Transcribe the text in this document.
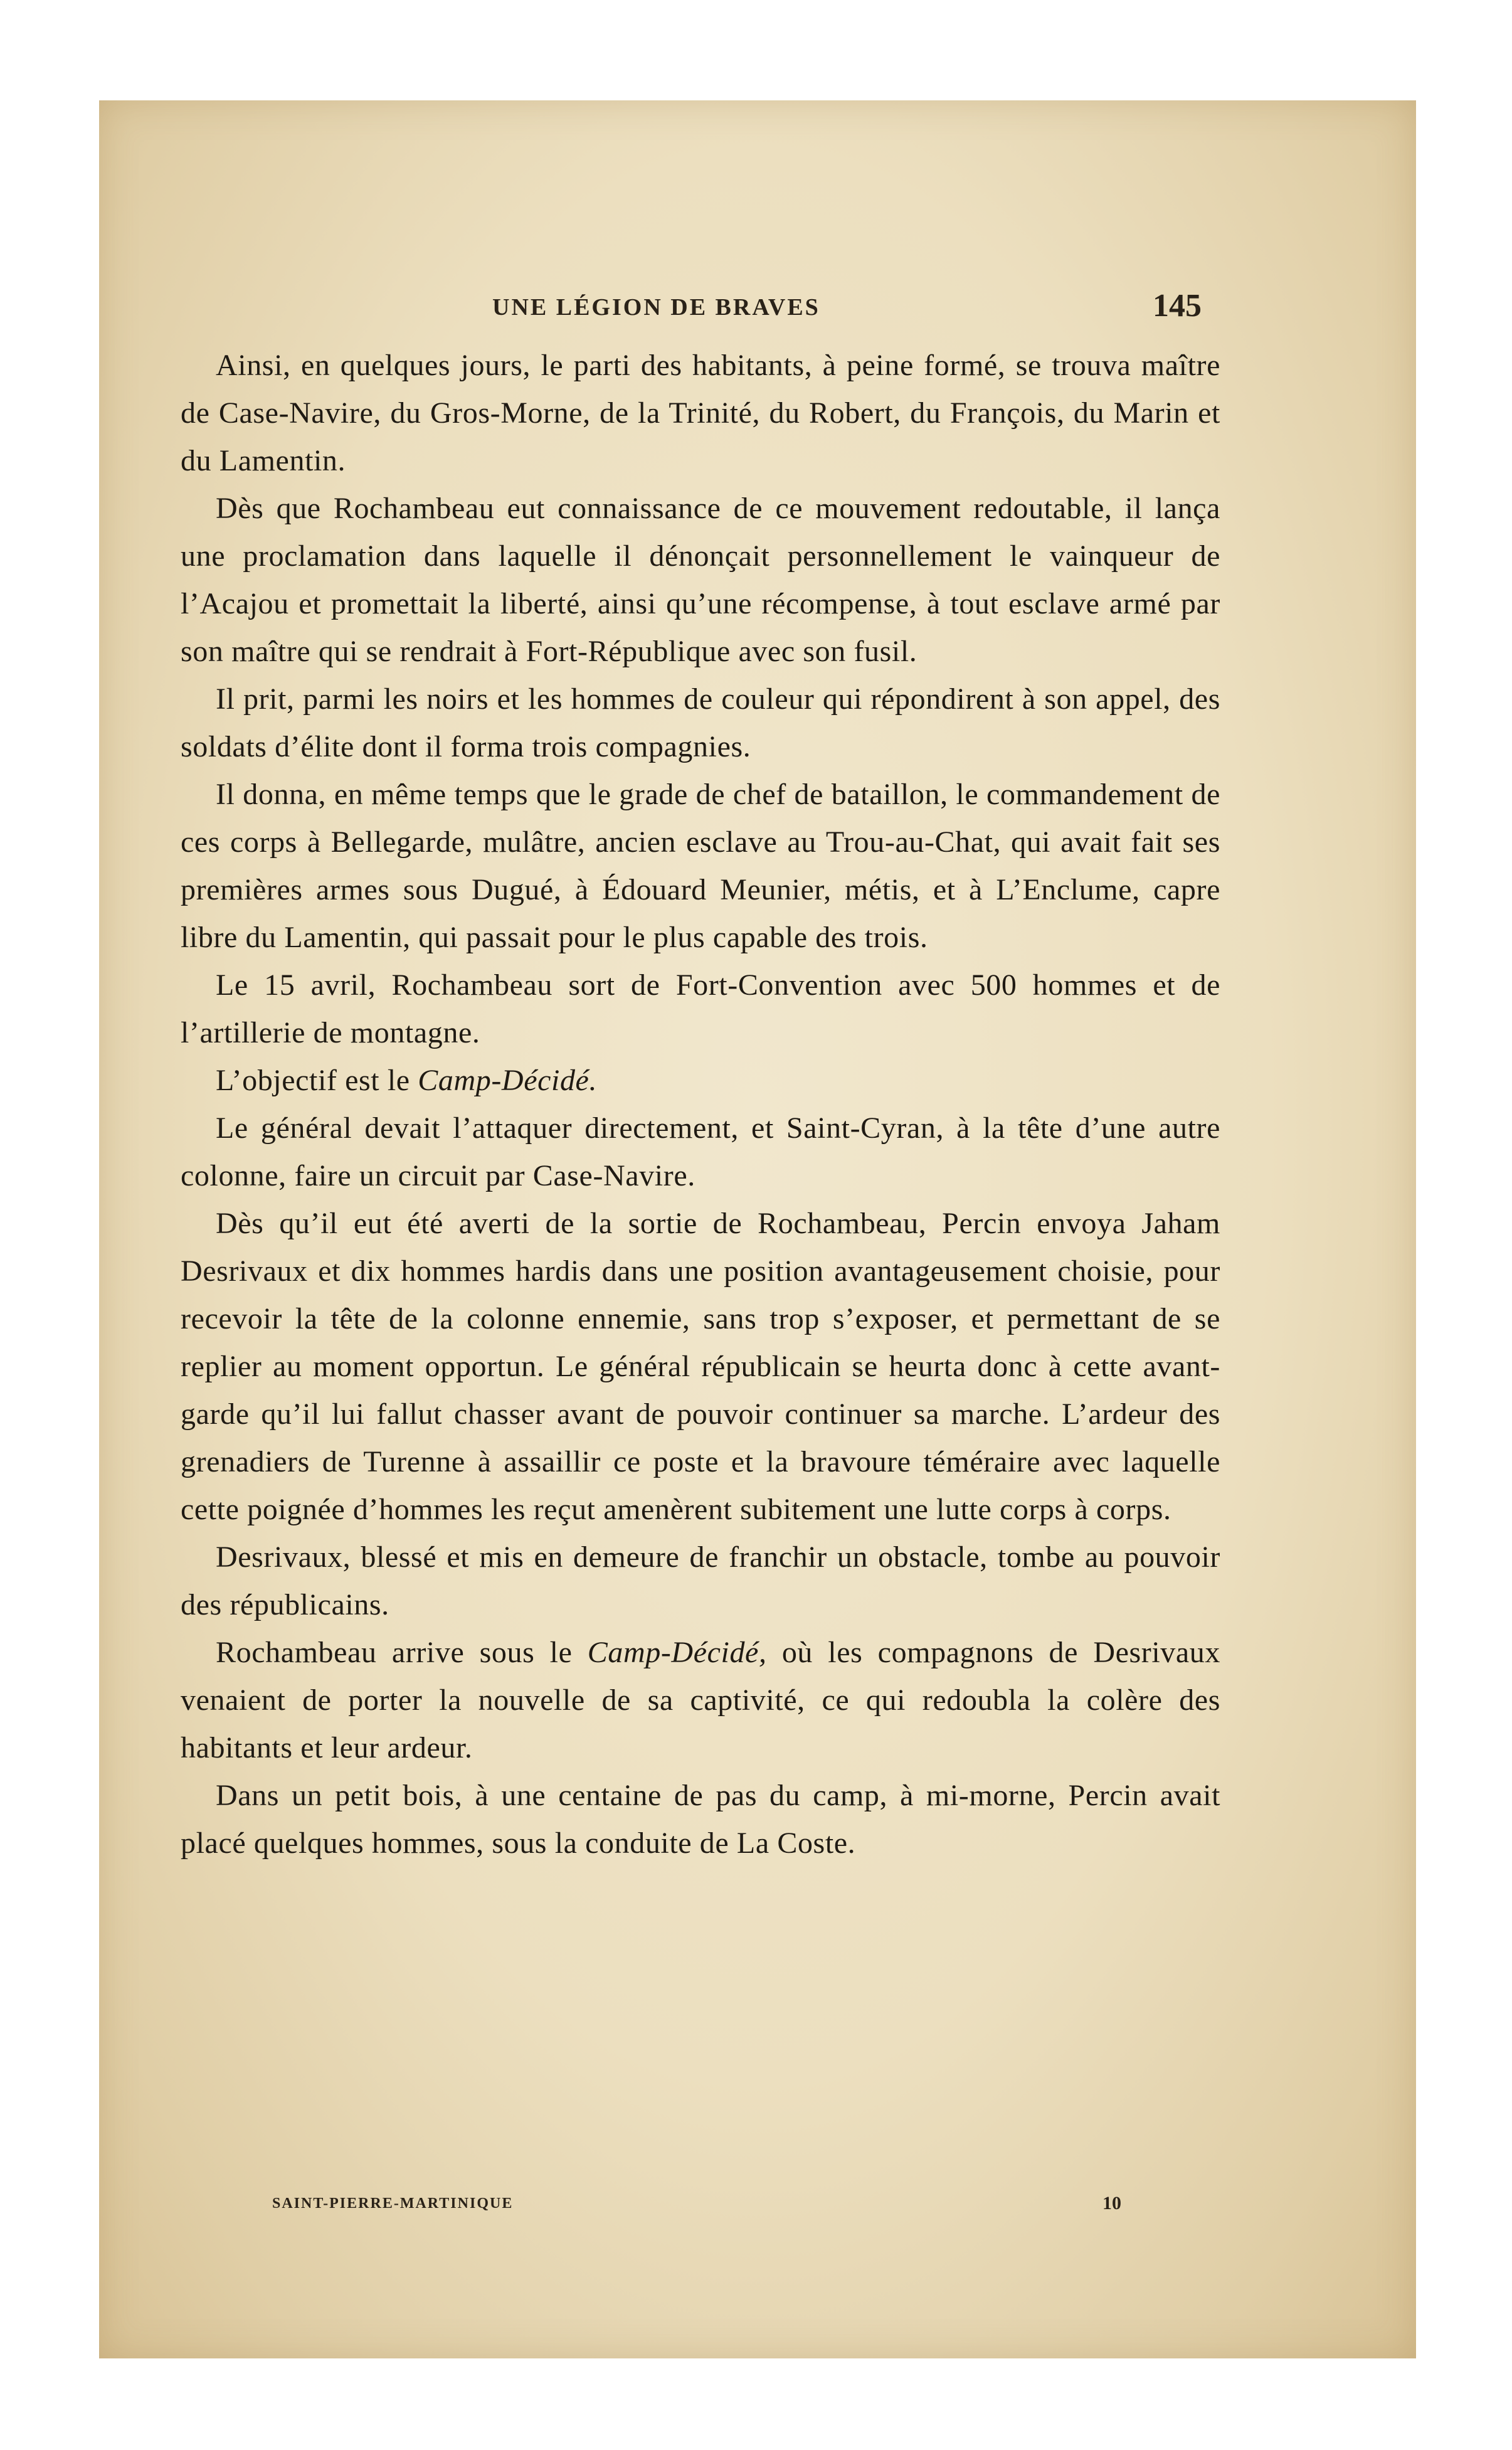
UNE LÉGION DE BRAVES	145

Ainsi, en quelques jours, le parti des habitants, à peine formé, se trouva maître de Case-Navire, du Gros-Morne, de la Trinité, du Robert, du François, du Marin et du Lamentin.

Dès que Rochambeau eut connaissance de ce mouvement redoutable, il lança une proclamation dans laquelle il dénonçait personnellement le vainqueur de l’Acajou et promettait la liberté, ainsi qu’une récompense, à tout esclave armé par son maître qui se rendrait à Fort-République avec son fusil.

Il prit, parmi les noirs et les hommes de couleur qui répondirent à son appel, des soldats d’élite dont il forma trois compagnies.

Il donna, en même temps que le grade de chef de bataillon, le commandement de ces corps à Bellegarde, mulâtre, ancien esclave au Trou-au-Chat, qui avait fait ses premières armes sous Dugué, à Édouard Meunier, métis, et à L’Enclume, capre libre du Lamentin, qui passait pour le plus capable des trois.

Le 15 avril, Rochambeau sort de Fort-Convention avec 500 hommes et de l’artillerie de montagne.

L’objectif est le Camp-Décidé.

Le général devait l’attaquer directement, et Saint-Cyran, à la tête d’une autre colonne, faire un circuit par Case-Navire.

Dès qu’il eut été averti de la sortie de Rochambeau, Percin envoya Jaham Desrivaux et dix hommes hardis dans une position avantageusement choisie, pour recevoir la tête de la colonne ennemie, sans trop s’exposer, et permettant de se replier au moment opportun. Le général républicain se heurta donc à cette avant-garde qu’il lui fallut chasser avant de pouvoir continuer sa marche. L’ardeur des grenadiers de Turenne à assaillir ce poste et la bravoure téméraire avec laquelle cette poignée d’hommes les reçut amenèrent subitement une lutte corps à corps.

Desrivaux, blessé et mis en demeure de franchir un obstacle, tombe au pouvoir des républicains.

Rochambeau arrive sous le Camp-Décidé, où les compagnons de Desrivaux venaient de porter la nouvelle de sa captivité, ce qui redoubla la colère des habitants et leur ardeur.

Dans un petit bois, à une centaine de pas du camp, à mi-morne, Percin avait placé quelques hommes, sous la conduite de La Coste.

SAINT-PIERRE-MARTINIQUE	10
